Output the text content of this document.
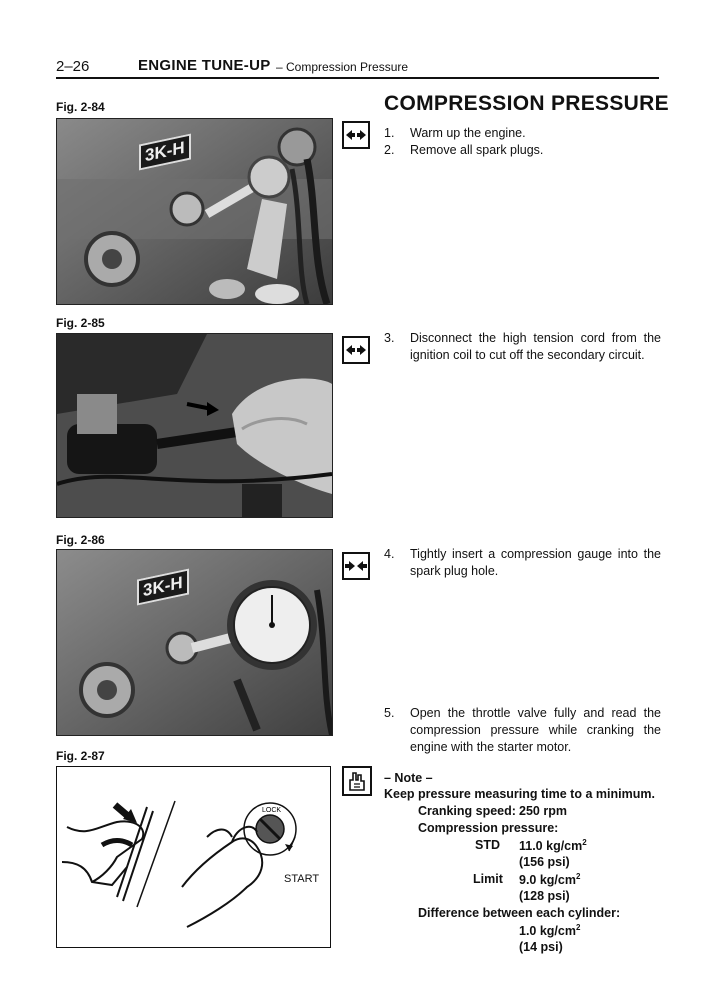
2–26	ENGINE TUNE-UP – Compression Pressure
COMPRESSION PRESSURE
Fig. 2-84
3K-H
1.	Warm up the engine.
2.	Remove all spark plugs.
Fig. 2-85
3.	Disconnect the high tension cord from the ignition coil to cut off the secondary circuit.
Fig. 2-86
3K-H
4.	Tightly insert a compression gauge into the spark plug hole.
5.	Open the throttle valve fully and read the compression pressure while cranking the engine with the starter motor.
Fig. 2-87
LOCK
START
– Note –
Keep pressure measuring time to a minimum.
Cranking speed: 250 rpm
Compression pressure:
STD 11.0 $kg/cm^2$
(156 psi)
Limit 9.0 $kg/cm^2$
(128 psi)
Difference between each cylinder:
1.0 $kg/cm^2$
(14 psi)
